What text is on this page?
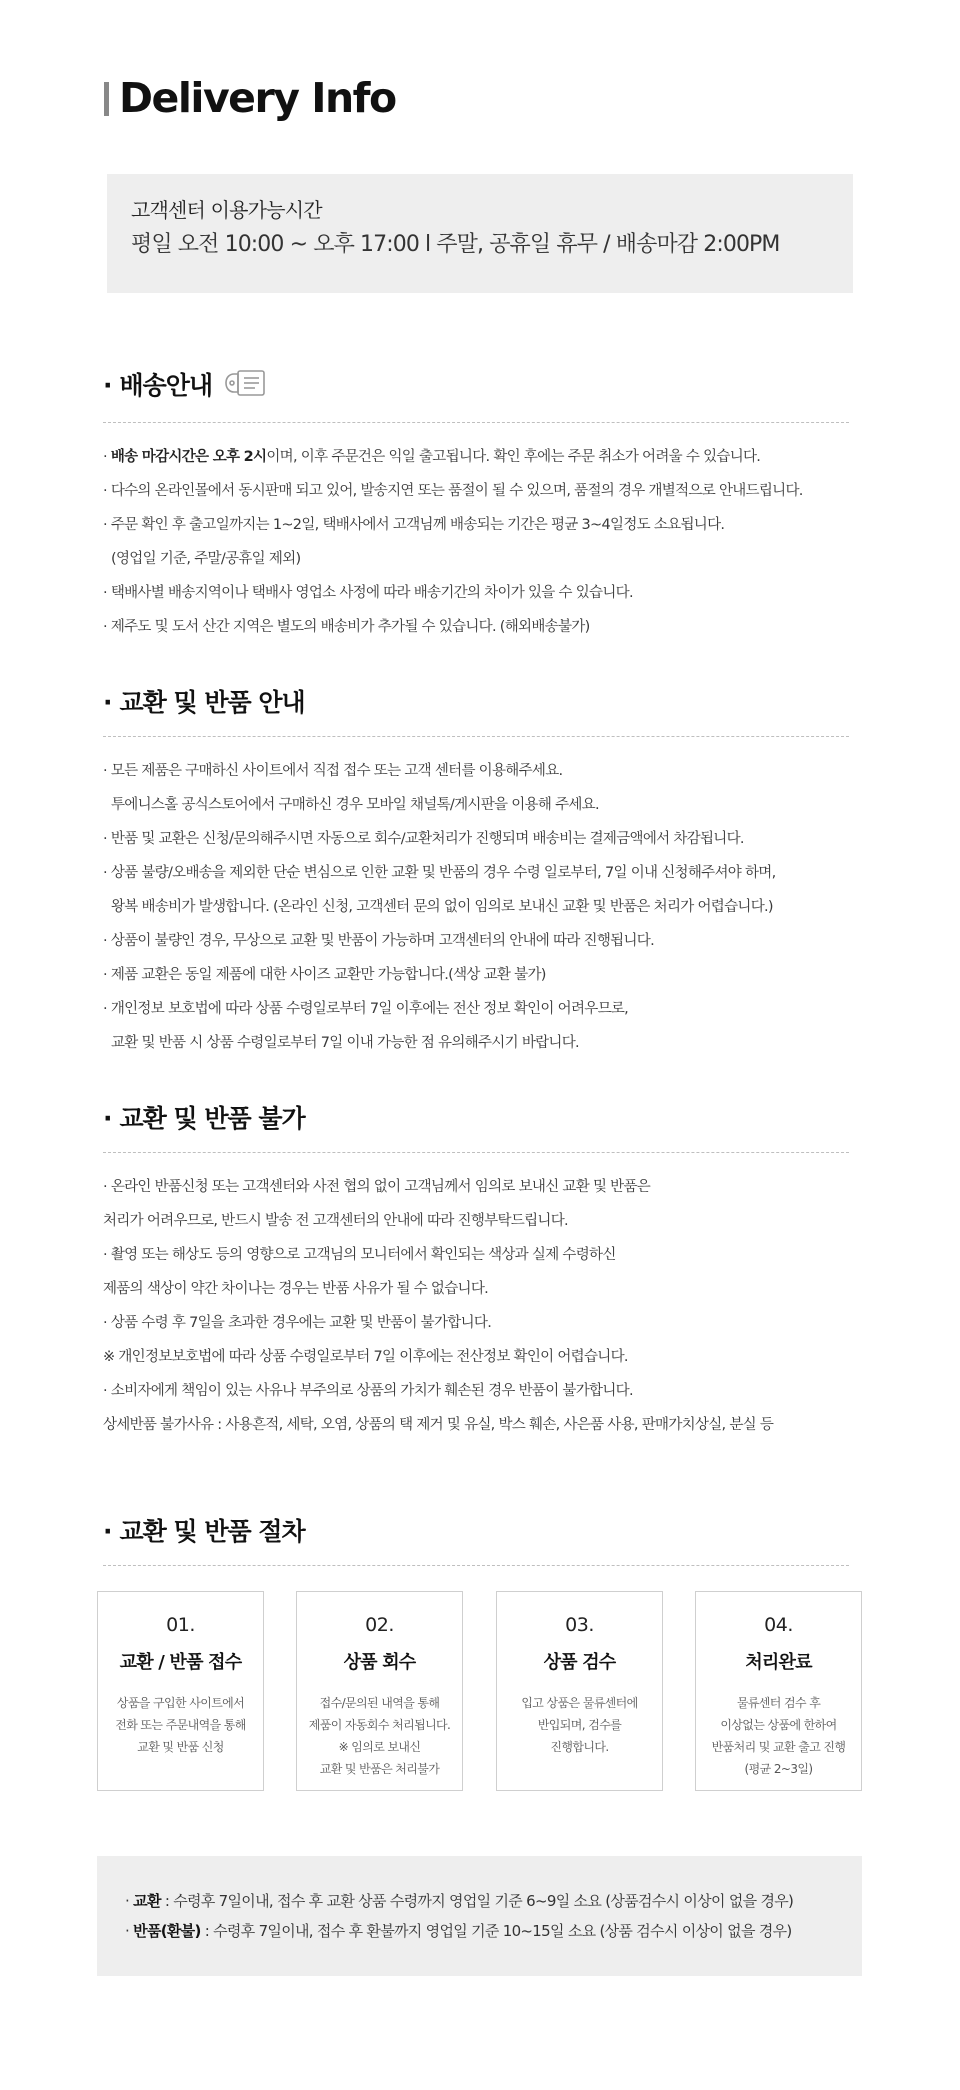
Delivery Info
고객센터 이용가능시간
평일 오전 10:00 ~ 오후 17:00 l 주말, 공휴일 휴무 / 배송마감 2:00PM
· 배송안내
· 배송 마감시간은 오후 2시이며, 이후 주문건은 익일 출고됩니다. 확인 후에는 주문 취소가 어려울 수 있습니다.
· 다수의 온라인몰에서 동시판매 되고 있어, 발송지연 또는 품절이 될 수 있으며, 품절의 경우 개별적으로 안내드립니다.
· 주문 확인 후 출고일까지는 1~2일, 택배사에서 고객님께 배송되는 기간은 평균 3~4일정도 소요됩니다.
(영업일 기준, 주말/공휴일 제외)
· 택배사별 배송지역이나 택배사 영업소 사정에 따라 배송기간의 차이가 있을 수 있습니다.
· 제주도 및 도서 산간 지역은 별도의 배송비가 추가될 수 있습니다. (해외배송불가)
· 교환 및 반품 안내
· 모든 제품은 구매하신 사이트에서 직접 접수 또는 고객 센터를 이용해주세요.
투에니스홀 공식스토어에서 구매하신 경우 모바일 채널톡/게시판을 이용해 주세요.
· 반품 및 교환은 신청/문의해주시면 자동으로 회수/교환처리가 진행되며 배송비는 결제금액에서 차감됩니다.
· 상품 불량/오배송을 제외한 단순 변심으로 인한 교환 및 반품의 경우 수령 일로부터, 7일 이내 신청해주셔야 하며,
왕복 배송비가 발생합니다. (온라인 신청, 고객센터 문의 없이 임의로 보내신 교환 및 반품은 처리가 어렵습니다.)
· 상품이 불량인 경우, 무상으로 교환 및 반품이 가능하며 고객센터의 안내에 따라 진행됩니다.
· 제품 교환은 동일 제품에 대한 사이즈 교환만 가능합니다.(색상 교환 불가)
· 개인정보 보호법에 따라 상품 수령일로부터 7일 이후에는 전산 정보 확인이 어려우므로,
교환 및 반품 시 상품 수령일로부터 7일 이내 가능한 점 유의해주시기 바랍니다.
· 교환 및 반품 불가
· 온라인 반품신청 또는 고객센터와 사전 협의 없이 고객님께서 임의로 보내신 교환 및 반품은
처리가 어려우므로, 반드시 발송 전 고객센터의 안내에 따라 진행부탁드립니다.
· 촬영 또는 해상도 등의 영향으로 고객님의 모니터에서 확인되는 색상과 실제 수령하신
제품의 색상이 약간 차이나는 경우는 반품 사유가 될 수 없습니다.
· 상품 수령 후 7일을 초과한 경우에는 교환 및 반품이 불가합니다.
※ 개인정보보호법에 따라 상품 수령일로부터 7일 이후에는 전산정보 확인이 어렵습니다.
· 소비자에게 책임이 있는 사유나 부주의로 상품의 가치가 훼손된 경우 반품이 불가합니다.
상세반품 불가사유 : 사용흔적, 세탁, 오염, 상품의 택 제거 및 유실, 박스 훼손, 사은품 사용, 판매가치상실, 분실 등
· 교환 및 반품 절차
01.
교환 / 반품 접수
상품을 구입한 사이트에서
전화 또는 주문내역을 통해
교환 및 반품 신청
02.
상품 회수
접수/문의된 내역을 통해
제품이 자동회수 처리됩니다.
※ 임의로 보내신
교환 및 반품은 처리불가
03.
상품 검수
입고 상품은 물류센터에
반입되며, 검수를
진행합니다.
04.
처리완료
물류센터 검수 후
이상없는 상품에 한하여
반품처리 및 교환 출고 진행
(평균 2~3일)
· 교환 : 수령후 7일이내, 접수 후 교환 상품 수령까지 영업일 기준 6~9일 소요 (상품검수시 이상이 없을 경우)
· 반품(환불) : 수령후 7일이내, 접수 후 환불까지 영업일 기준 10~15일 소요 (상품 검수시 이상이 없을 경우)
